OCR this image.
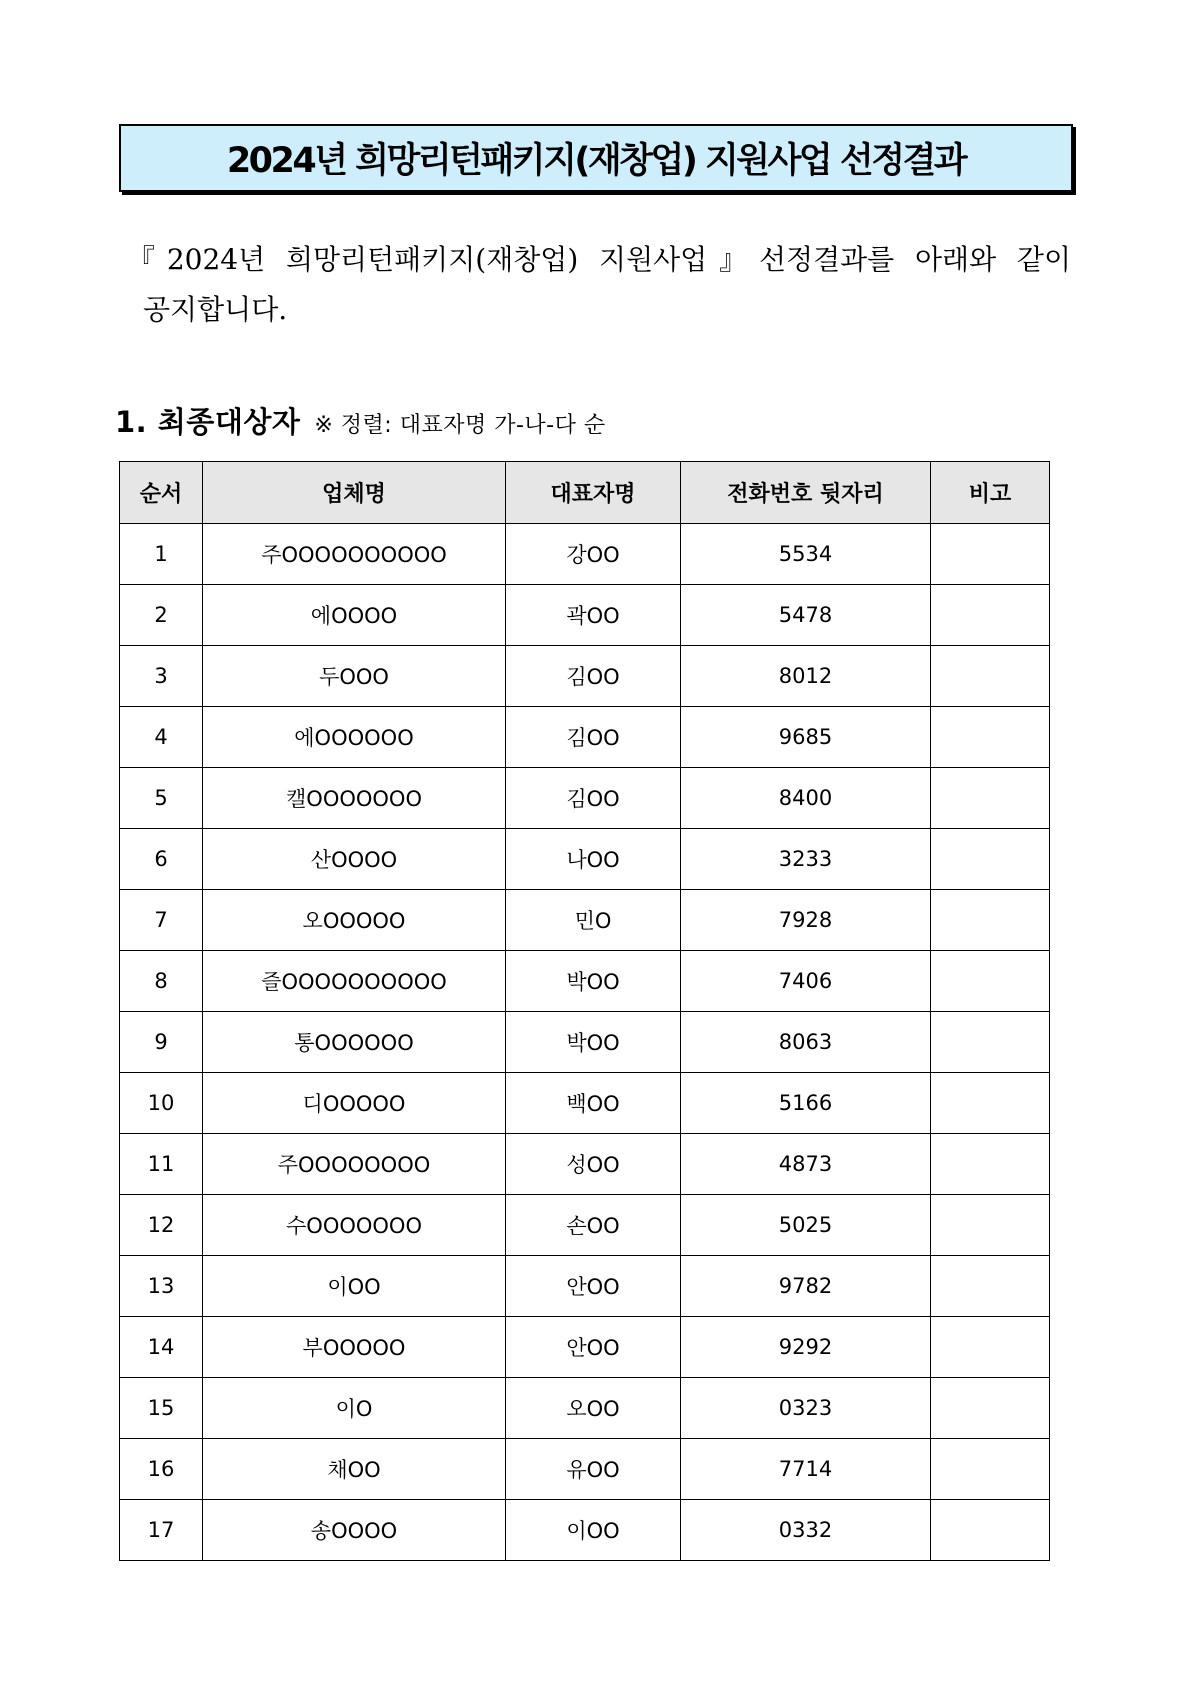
2024년 희망리턴패키지(재창업) 지원사업 선정결과
『2024년 희망리턴패키지(재창업) 지원사업』선정결과를 아래와 같이
공지합니다.
1. 최종대상자 ※ 정렬: 대표자명 가-나-다 순
순서	업체명	대표자명	전화번호 뒷자리	비고
1	주OOOOOOOOOO	강OO	5534	
2	에OOOO	곽OO	5478	
3	두OOO	김OO	8012	
4	에OOOOOO	김OO	9685	
5	캘OOOOOOO	김OO	8400	
6	산OOOO	나OO	3233	
7	오OOOOO	민O	7928	
8	즐OOOOOOOOOO	박OO	7406	
9	통OOOOOO	박OO	8063	
10	디OOOOO	백OO	5166	
11	주OOOOOOOO	성OO	4873	
12	수OOOOOOO	손OO	5025	
13	이OO	안OO	9782	
14	부OOOOO	안OO	9292	
15	이O	오OO	0323	
16	채OO	유OO	7714	
17	송OOOO	이OO	0332	
